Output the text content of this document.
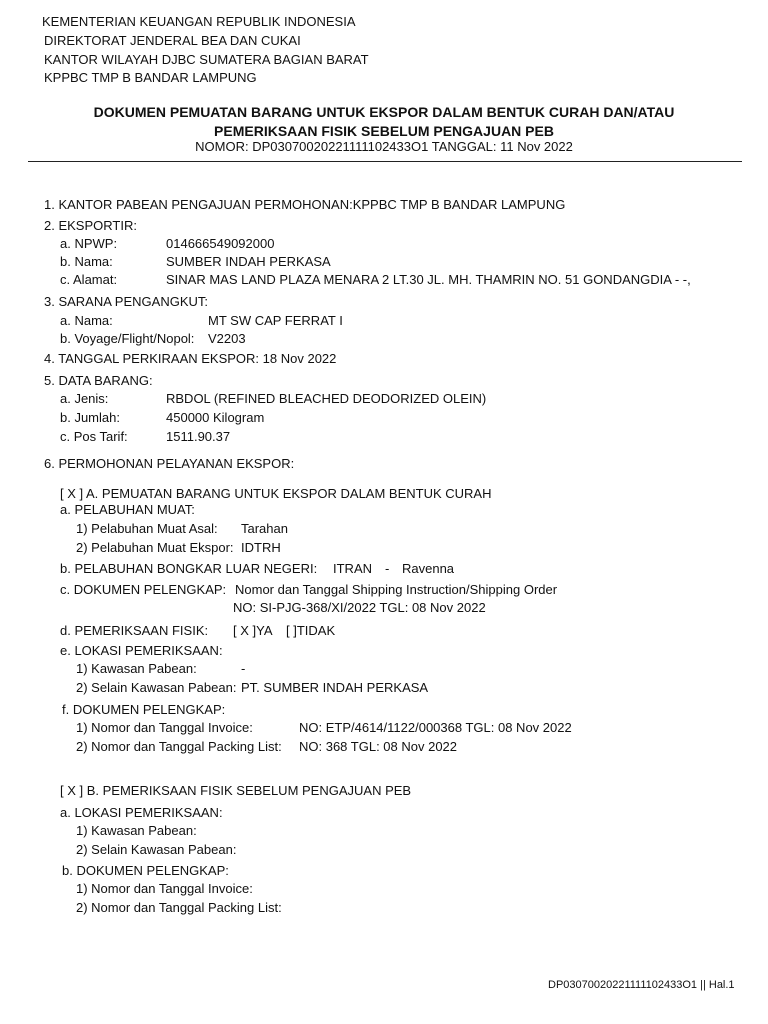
KEMENTERIAN KEUANGAN REPUBLIK INDONESIA
DIREKTORAT JENDERAL BEA DAN CUKAI
KANTOR WILAYAH DJBC SUMATERA BAGIAN BARAT
KPPBC TMP B BANDAR LAMPUNG
DOKUMEN PEMUATAN BARANG UNTUK EKSPOR DALAM BENTUK CURAH DAN/ATAU
PEMERIKSAAN FISIK SEBELUM PENGAJUAN PEB
NOMOR: DP03070020221111102433O1 TANGGAL: 11 Nov 2022
1. KANTOR PABEAN PENGAJUAN PERMOHONAN:KPPBC TMP B BANDAR LAMPUNG
2. EKSPORTIR:
a. NPWP:	014666549092000
b. Nama:	SUMBER INDAH PERKASA
c. Alamat:	SINAR MAS LAND PLAZA MENARA 2 LT.30 JL. MH. THAMRIN NO. 51 GONDANGDIA - -,
3. SARANA PENGANGKUT:
a. Nama:	MT SW CAP FERRAT I
b. Voyage/Flight/Nopol: V2203
4. TANGGAL PERKIRAAN EKSPOR: 18 Nov 2022
5. DATA BARANG:
a. Jenis:	RBDOL (REFINED BLEACHED DEODORIZED OLEIN)
b. Jumlah:	450000 Kilogram
c. Pos Tarif:	1511.90.37
6. PERMOHONAN PELAYANAN EKSPOR:
[ X ] A. PEMUATAN BARANG UNTUK EKSPOR DALAM BENTUK CURAH
a. PELABUHAN MUAT:
1) Pelabuhan Muat Asal: Tarahan
2) Pelabuhan Muat Ekspor: IDTRH
b. PELABUHAN BONGKAR LUAR NEGERI: ITRAN - Ravenna
c. DOKUMEN PELENGKAP: Nomor dan Tanggal Shipping Instruction/Shipping Order
NO: SI-PJG-368/XI/2022 TGL: 08 Nov 2022
d. PEMERIKSAAN FISIK: [ X ]YA [ ]TIDAK
e. LOKASI PEMERIKSAAN:
1) Kawasan Pabean:	-
2) Selain Kawasan Pabean: PT. SUMBER INDAH PERKASA
f. DOKUMEN PELENGKAP:
1) Nomor dan Tanggal Invoice:	NO: ETP/4614/1122/000368 TGL: 08 Nov 2022
2) Nomor dan Tanggal Packing List: NO: 368 TGL: 08 Nov 2022
[ X ] B. PEMERIKSAAN FISIK SEBELUM PENGAJUAN PEB
a. LOKASI PEMERIKSAAN:
1) Kawasan Pabean:
2) Selain Kawasan Pabean:
b. DOKUMEN PELENGKAP:
1) Nomor dan Tanggal Invoice:
2) Nomor dan Tanggal Packing List:
DP03070020221111102433O1 || Hal.1
